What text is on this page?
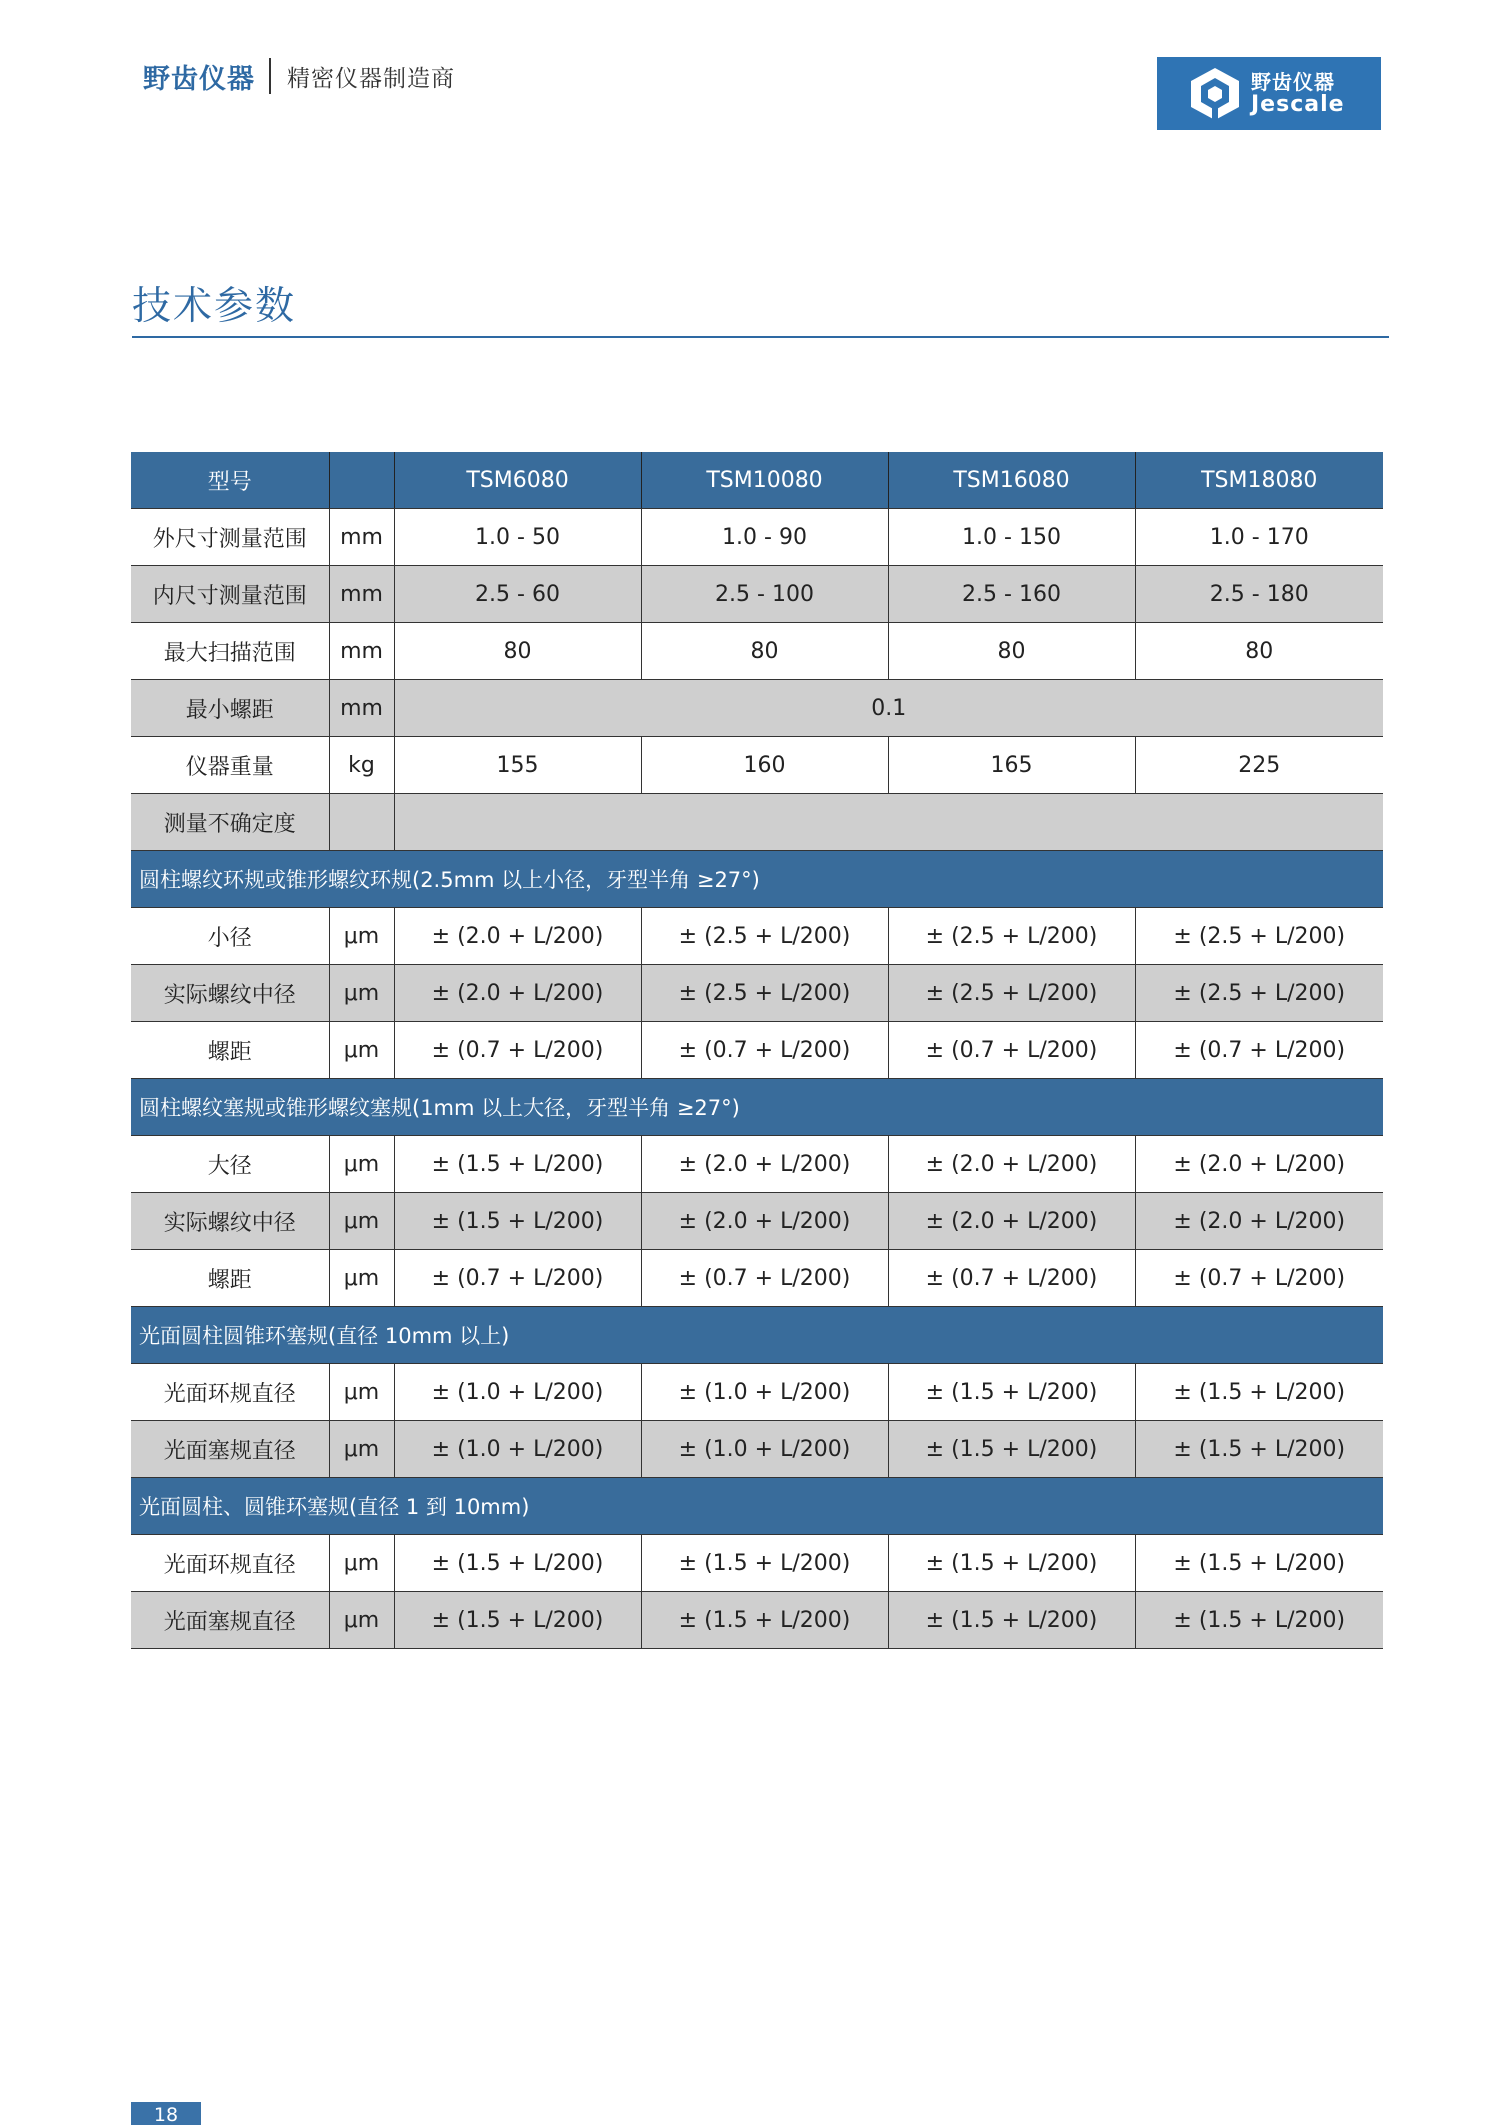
野齿仪器 精密仪器制造商	野齿仪器
Jescale
技术参数
型号		TSM6080	TSM10080	TSM16080	TSM18080
外尺寸测量范围	mm	1.0 - 50	1.0 - 90	1.0 - 150	1.0 - 170
内尺寸测量范围	mm	2.5 - 60	2.5 - 100	2.5 - 160	2.5 - 180
最大扫描范围	mm	80	80	80	80
最小螺距	mm	0.1			
仪器重量	kg	155	160	165	225
测量不确定度					
圆柱螺纹环规或锥形螺纹环规(2.5mm 以上小径，牙型半角 ≥27°)					
小径	μm	± (2.0 + L/200)	± (2.5 + L/200)	± (2.5 + L/200)	± (2.5 + L/200)
实际螺纹中径	μm	± (2.0 + L/200)	± (2.5 + L/200)	± (2.5 + L/200)	± (2.5 + L/200)
螺距	μm	± (0.7 + L/200)	± (0.7 + L/200)	± (0.7 + L/200)	± (0.7 + L/200)
圆柱螺纹塞规或锥形螺纹塞规(1mm 以上大径，牙型半角 ≥27°)					
大径	μm	± (1.5 + L/200)	± (2.0 + L/200)	± (2.0 + L/200)	± (2.0 + L/200)
实际螺纹中径	μm	± (1.5 + L/200)	± (2.0 + L/200)	± (2.0 + L/200)	± (2.0 + L/200)
螺距	μm	± (0.7 + L/200)	± (0.7 + L/200)	± (0.7 + L/200)	± (0.7 + L/200)
光面圆柱圆锥环塞规(直径 10mm 以上)					
光面环规直径	μm	± (1.0 + L/200)	± (1.0 + L/200)	± (1.5 + L/200)	± (1.5 + L/200)
光面塞规直径	μm	± (1.0 + L/200)	± (1.0 + L/200)	± (1.5 + L/200)	± (1.5 + L/200)
光面圆柱、圆锥环塞规(直径 1 到 10mm)					
光面环规直径	μm	± (1.5 + L/200)	± (1.5 + L/200)	± (1.5 + L/200)	± (1.5 + L/200)
光面塞规直径	μm	± (1.5 + L/200)	± (1.5 + L/200)	± (1.5 + L/200)	± (1.5 + L/200)
18
